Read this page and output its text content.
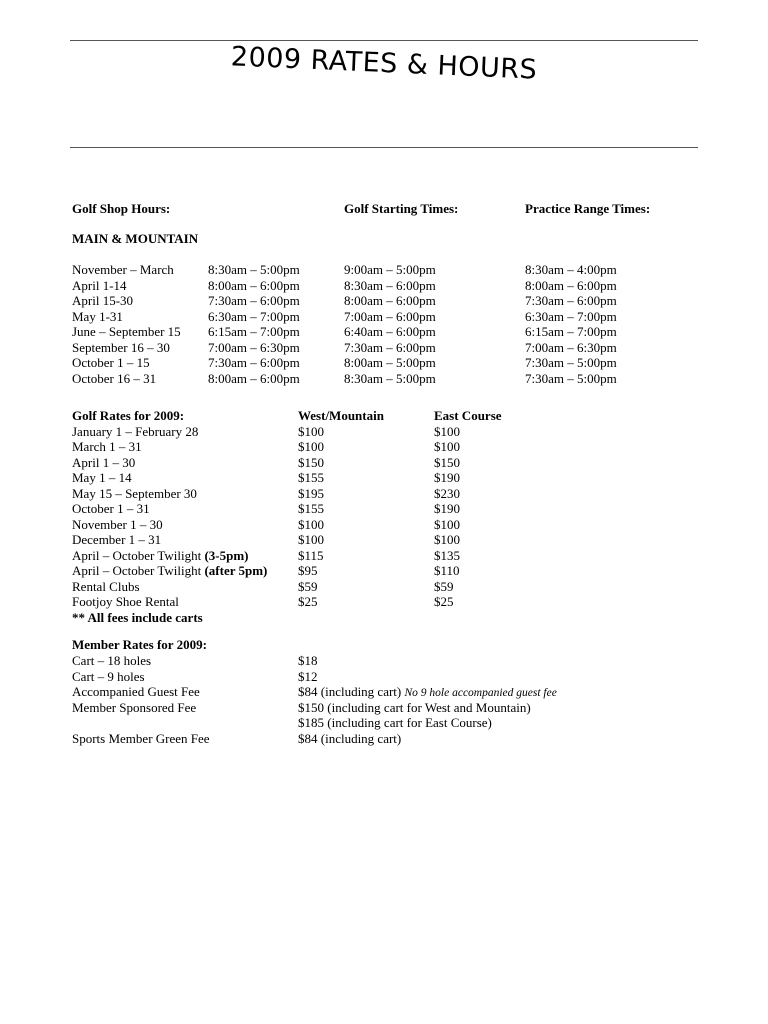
2009 RATES & HOURS
Golf Shop Hours:	Golf Starting Times:	Practice Range Times:
MAIN & MOUNTAIN
November – March	8:30am – 5:00pm	9:00am – 5:00pm	8:30am – 4:00pm
April 1-14	8:00am – 6:00pm	8:30am – 6:00pm	8:00am – 6:00pm
April 15-30	7:30am – 6:00pm	8:00am – 6:00pm	7:30am – 6:00pm
May 1-31	6:30am – 7:00pm	7:00am – 6:00pm	6:30am – 7:00pm
June – September 15 6:15am – 7:00pm	6:40am – 6:00pm	6:15am – 7:00pm
September 16 – 30	7:00am – 6:30pm	7:30am – 6:00pm	7:00am – 6:30pm
October 1 – 15	7:30am – 6:00pm	8:00am – 5:00pm	7:30am – 5:00pm
October 16 – 31	8:00am – 6:00pm	8:30am – 5:00pm	7:30am – 5:00pm
Golf Rates for 2009:	West/Mountain	East Course
January 1 – February 28	$100	$100
March 1 – 31	$100	$100
April 1 – 30	$150	$150
May 1 – 14	$155	$190
May 15 – September 30	$195	$230
October 1 – 31	$155	$190
November 1 – 30	$100	$100
December 1 – 31	$100	$100
April – October Twilight (3-5pm)	$115	$135
April – October Twilight (after 5pm) $95	$110
Rental Clubs	$59	$59
Footjoy Shoe Rental	$25	$25
** All fees include carts
Member Rates for 2009:
Cart – 18 holes	$18
Cart – 9 holes	$12
Accompanied Guest Fee	$84 (including cart) No 9 hole accompanied guest fee
Member Sponsored Fee	$150 (including cart for West and Mountain)
$185 (including cart for East Course)
Sports Member Green Fee	$84 (including cart)
